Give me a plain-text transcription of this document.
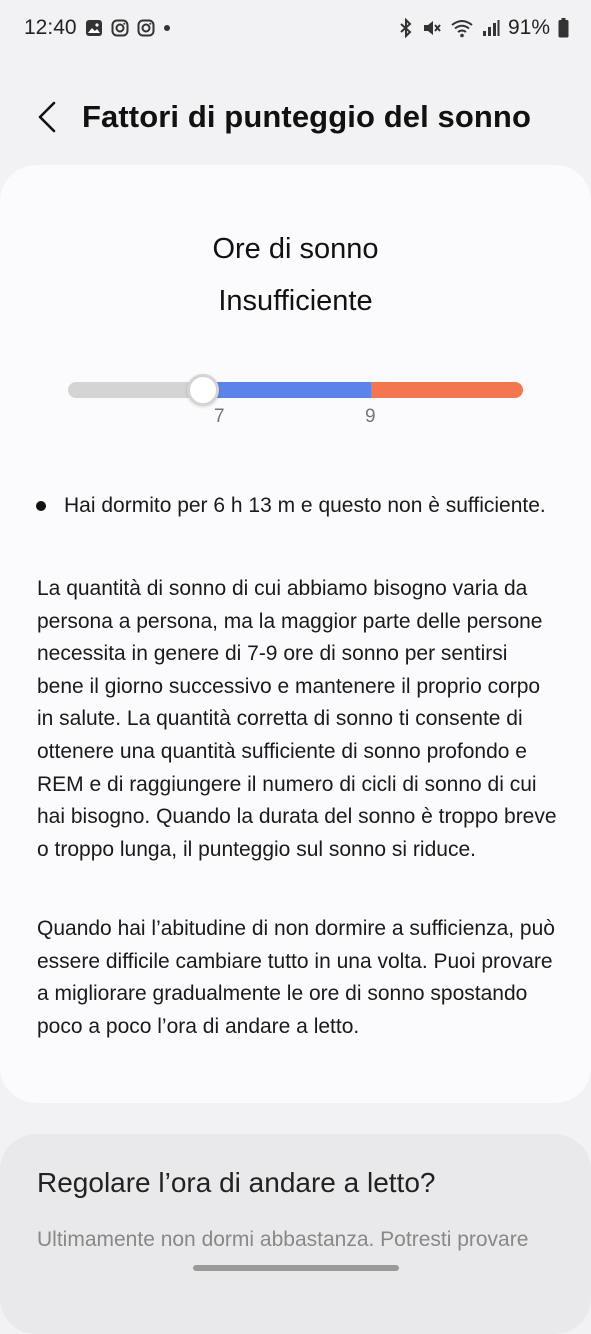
12:40	91%
Fattori di punteggio del sonno
Ore di sonno
Insufficiente
7	9
Hai dormito per 6 h 13 m e questo non è sufficiente.
La quantità di sonno di cui abbiamo bisogno varia da persona a persona, ma la maggior parte delle persone necessita in genere di 7-9 ore di sonno per sentirsi bene il giorno successivo e mantenere il proprio corpo in salute. La quantità corretta di sonno ti consente di ottenere una quantità sufficiente di sonno profondo e REM e di raggiungere il numero di cicli di sonno di cui hai bisogno. Quando la durata del sonno è troppo breve o troppo lunga, il punteggio sul sonno si riduce.
Quando hai l’abitudine di non dormire a sufficienza, può essere difficile cambiare tutto in una volta. Puoi provare a migliorare gradualmente le ore di sonno spostando poco a poco l’ora di andare a letto.
Regolare l’ora di andare a letto?
Ultimamente non dormi abbastanza. Potresti provare
